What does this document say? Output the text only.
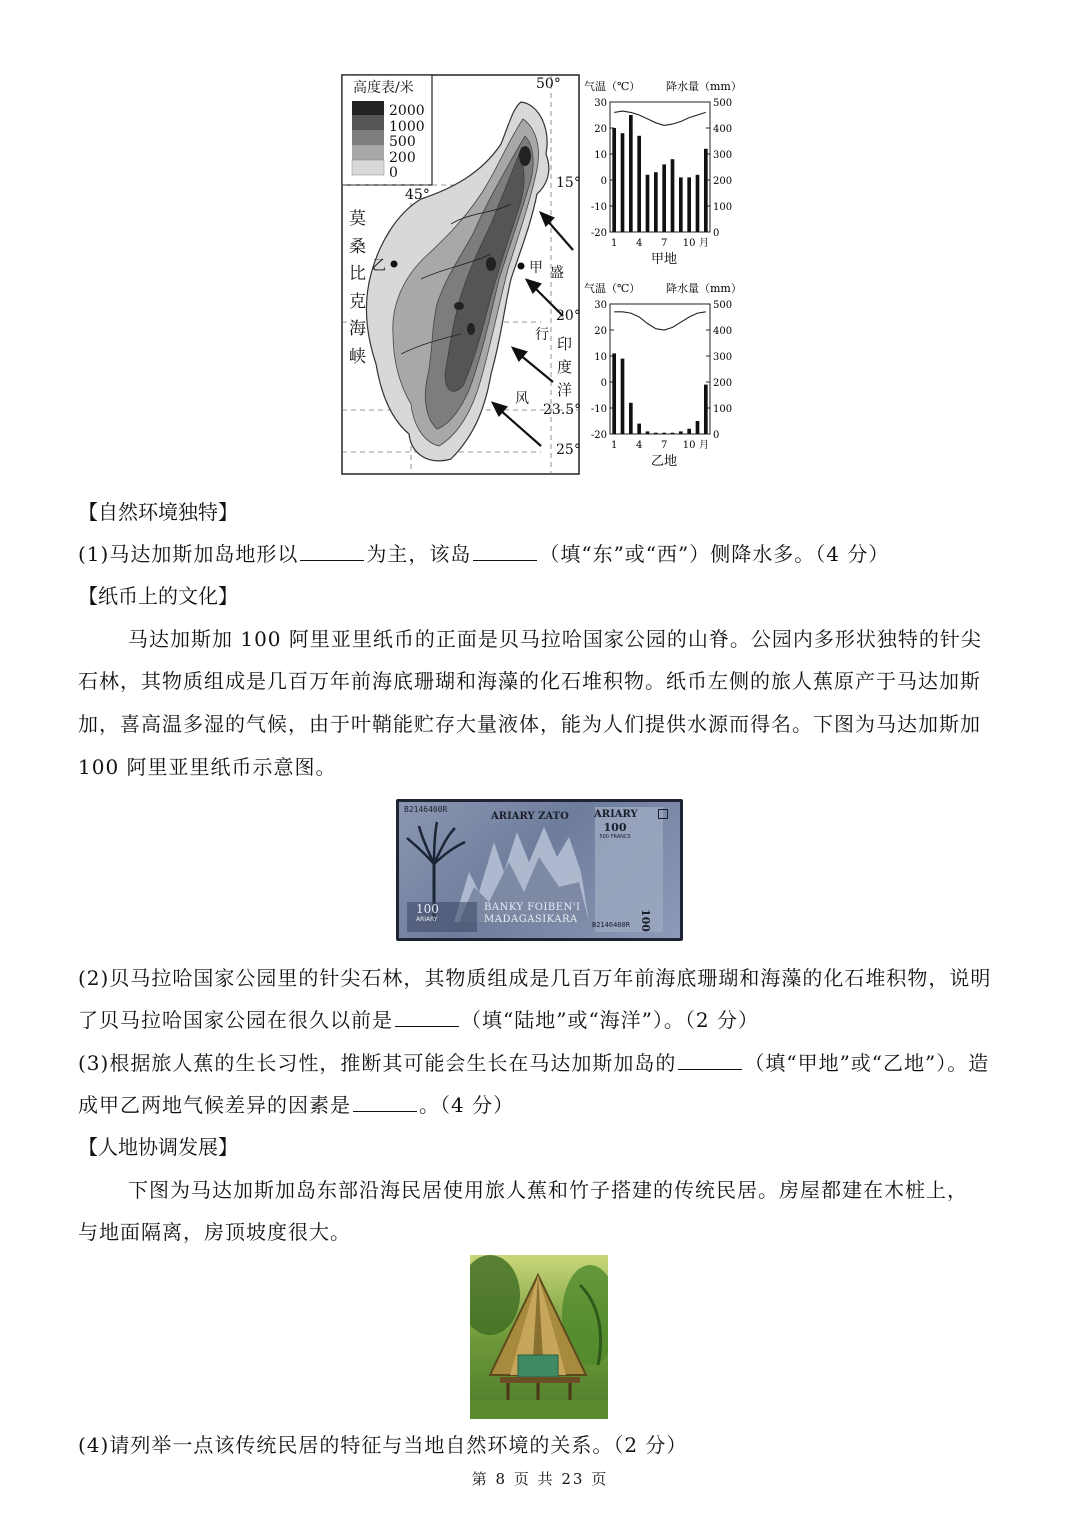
高度表/米
2000
1000
500
200
0
50°
45°
15°
20°
23.5°
25°
莫
桑
比
克
海
峡
印
度
洋
盛
行
风
甲
乙
气温（℃） 降水量（mm）
30
20
10
0
-10
-20
500
400
300
200
100
0
1 4 7 10 月
甲地
气温（℃） 降水量（mm）
30
20
10
0
-10
-20
500
400
300
200
100
0
1 4 7 10 月
乙地
【自然环境独特】
(1)马达加斯加岛地形以	为主，该岛	（填“东”或“西”）侧降水多。（4 分）
【纸币上的文化】
马达加斯加 100 阿里亚里纸币的正面是贝马拉哈国家公园的山脊。公园内多形状独特的针尖
石林，其物质组成是几百万年前海底珊瑚和海藻的化石堆积物。纸币左侧的旅人蕉原产于马达加斯
加，喜高温多湿的气候，由于叶鞘能贮存大量液体，能为人们提供水源而得名。下图为马达加斯加
100 阿里亚里纸币示意图。
B2146400R
ARIARY ZATO	ARIARY
100
500 FRANCS
100
ARIARY
BANKY FOIBEN'I
MADAGASIKARA B2146400R 100
(2)贝马拉哈国家公园里的针尖石林，其物质组成是几百万年前海底珊瑚和海藻的化石堆积物，说明
了贝马拉哈国家公园在很久以前是	（填“陆地”或“海洋”）。（2 分）
(3)根据旅人蕉的生长习性，推断其可能会生长在马达加斯加岛的	（填“甲地”或“乙地”）。造
成甲乙两地气候差异的因素是	。（4 分）
【人地协调发展】
下图为马达加斯加岛东部沿海民居使用旅人蕉和竹子搭建的传统民居。房屋都建在木桩上，
与地面隔离，房顶坡度很大。
(4)请列举一点该传统民居的特征与当地自然环境的关系。（2 分）
第 8 页 共 23 页
